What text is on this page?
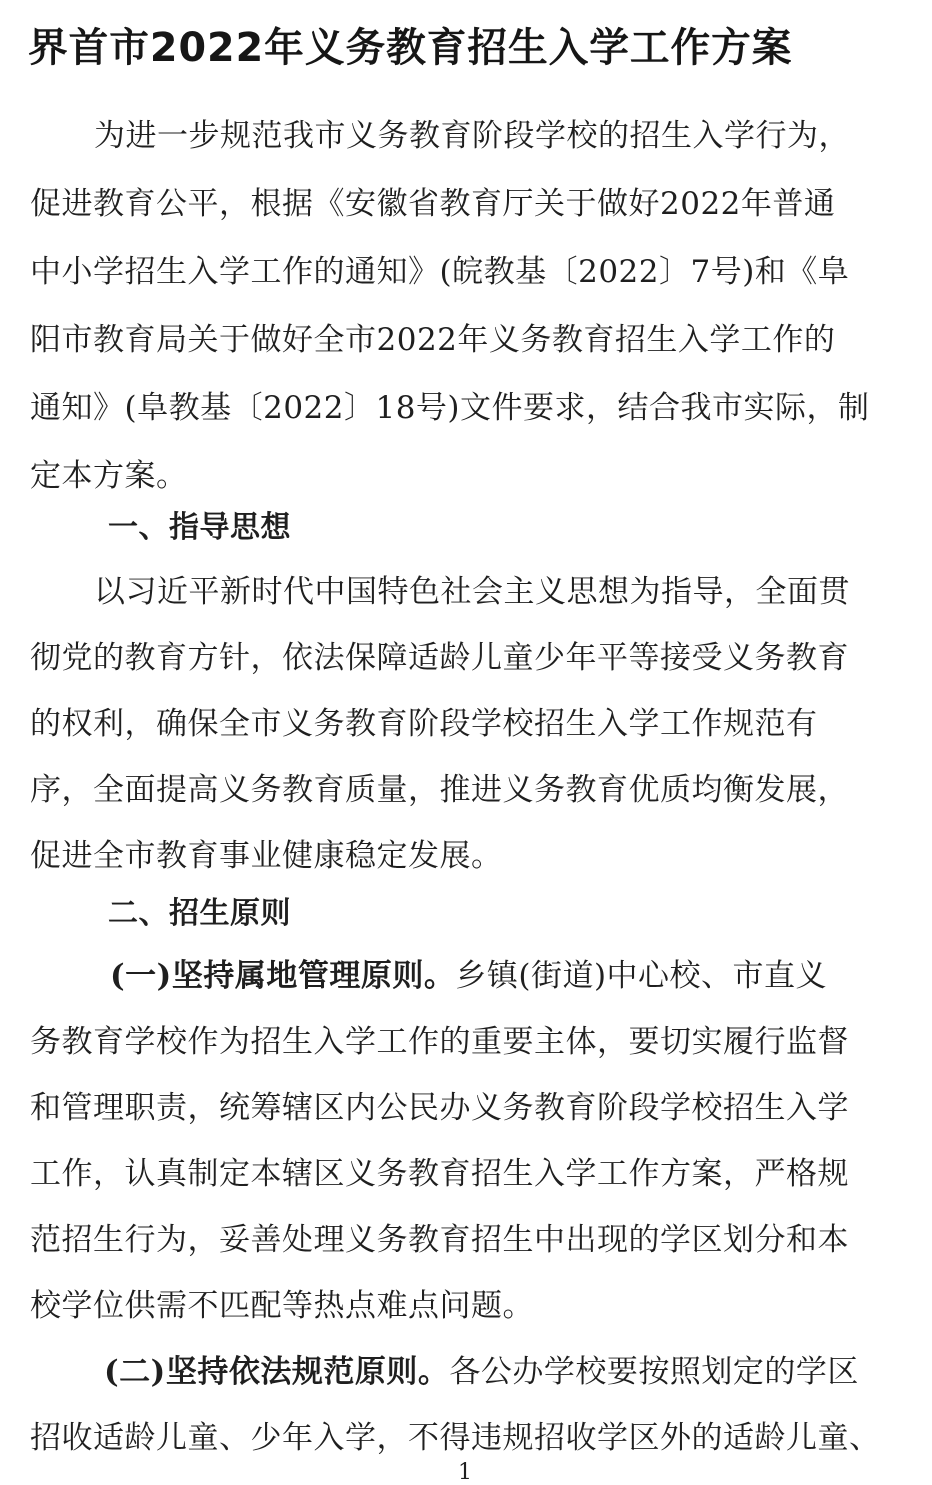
界首市2022年义务教育招生入学工作方案

为进一步规范我市义务教育阶段学校的招生入学行为，

促进教育公平，根据《安徽省教育厅关于做好2022年普通

中小学招生入学工作的通知》(皖教基〔2022〕7号)和《阜

阳市教育局关于做好全市2022年义务教育招生入学工作的

通知》(阜教基〔2022〕18号)文件要求，结合我市实际，制

定本方案。

一、指导思想

以习近平新时代中国特色社会主义思想为指导，全面贯

彻党的教育方针，依法保障适龄儿童少年平等接受义务教育

的权利，确保全市义务教育阶段学校招生入学工作规范有

序，全面提高义务教育质量，推进义务教育优质均衡发展，

促进全市教育事业健康稳定发展。

二、招生原则

(一)坚持属地管理原则。乡镇(街道)中心校、市直义

务教育学校作为招生入学工作的重要主体，要切实履行监督

和管理职责，统筹辖区内公民办义务教育阶段学校招生入学

工作，认真制定本辖区义务教育招生入学工作方案，严格规

范招生行为，妥善处理义务教育招生中出现的学区划分和本

校学位供需不匹配等热点难点问题。

(二)坚持依法规范原则。各公办学校要按照划定的学区

招收适龄儿童、少年入学，不得违规招收学区外的适龄儿童、

1
